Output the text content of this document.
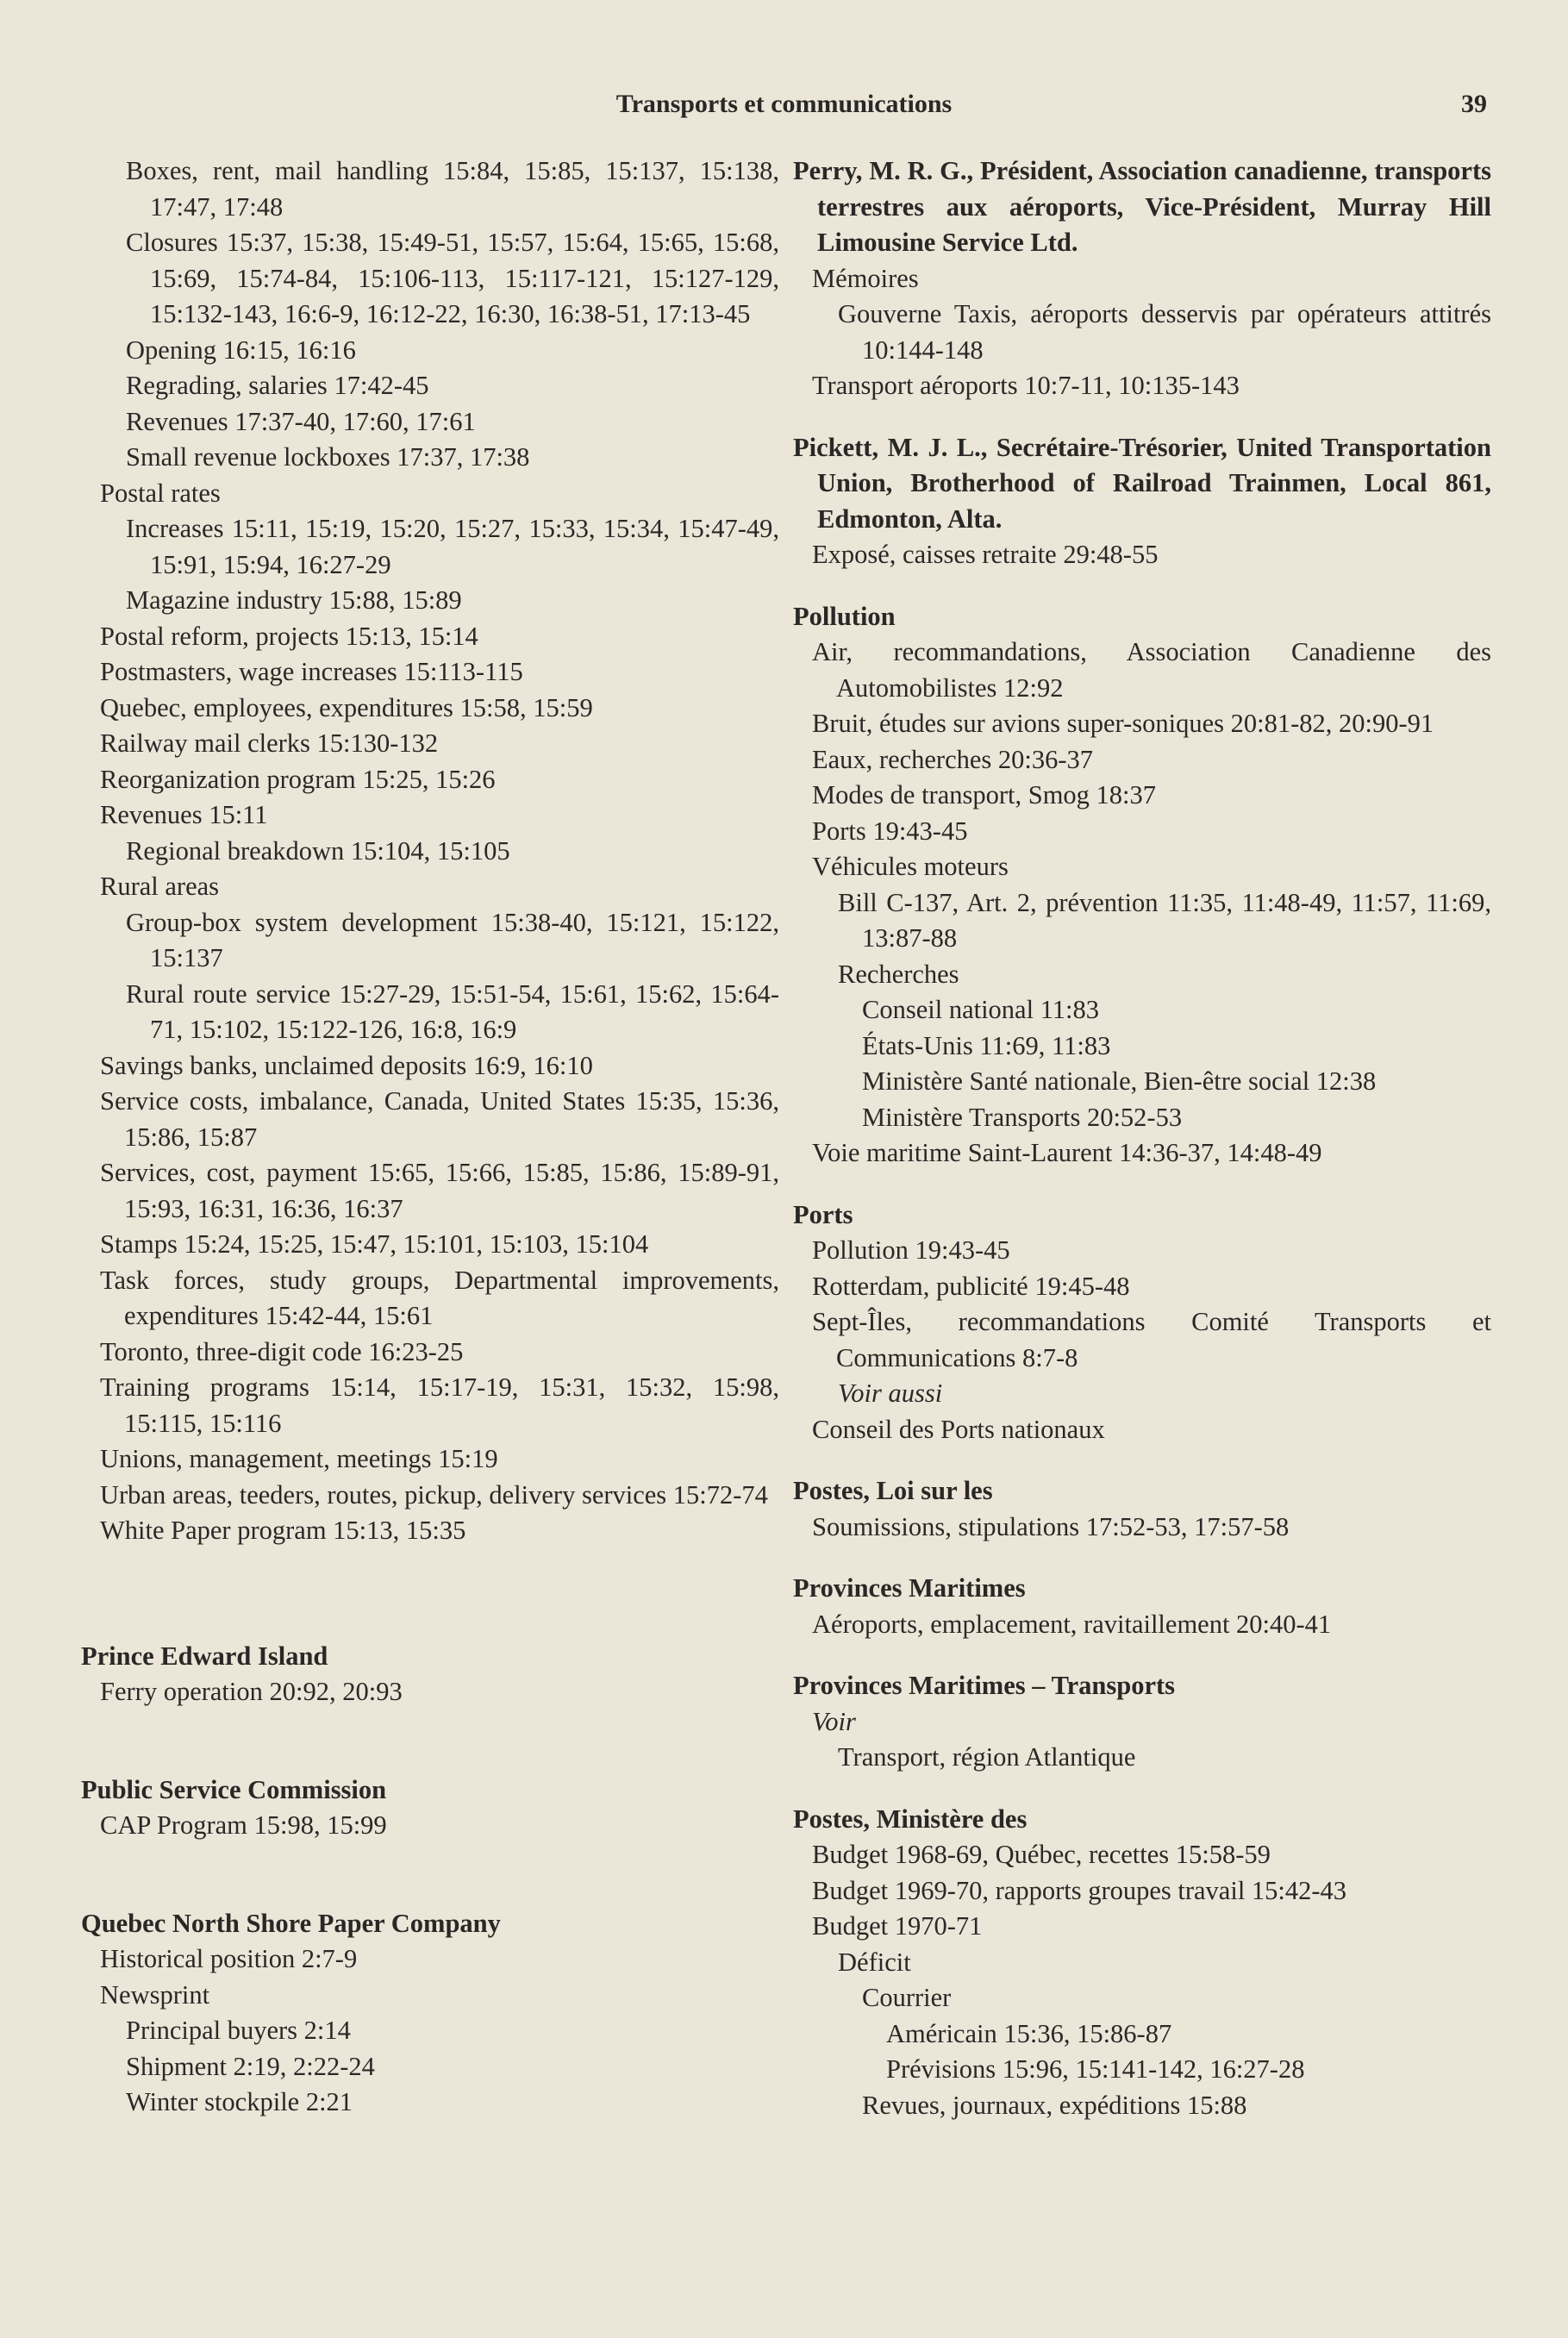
Transports et communications	39
Boxes, rent, mail handling 15:84, 15:85, 15:137, 15:138, 17:47, 17:48
Closures 15:37, 15:38, 15:49-51, 15:57, 15:64, 15:65, 15:68, 15:69, 15:74-84, 15:106-113, 15:117-121, 15:127-129, 15:132-143, 16:6-9, 16:12-22, 16:30, 16:38-51, 17:13-45
Opening 16:15, 16:16
Regrading, salaries 17:42-45
Revenues 17:37-40, 17:60, 17:61
Small revenue lockboxes 17:37, 17:38
Postal rates
Increases 15:11, 15:19, 15:20, 15:27, 15:33, 15:34, 15:47-49, 15:91, 15:94, 16:27-29
Magazine industry 15:88, 15:89
Postal reform, projects 15:13, 15:14
Postmasters, wage increases 15:113-115
Quebec, employees, expenditures 15:58, 15:59
Railway mail clerks 15:130-132
Reorganization program 15:25, 15:26
Revenues 15:11
Regional breakdown 15:104, 15:105
Rural areas
Group-box system development 15:38-40, 15:121, 15:122, 15:137
Rural route service 15:27-29, 15:51-54, 15:61, 15:62, 15:64-71, 15:102, 15:122-126, 16:8, 16:9
Savings banks, unclaimed deposits 16:9, 16:10
Service costs, imbalance, Canada, United States 15:35, 15:36, 15:86, 15:87
Services, cost, payment 15:65, 15:66, 15:85, 15:86, 15:89-91, 15:93, 16:31, 16:36, 16:37
Stamps 15:24, 15:25, 15:47, 15:101, 15:103, 15:104
Task forces, study groups, Departmental improvements, expenditures 15:42-44, 15:61
Toronto, three-digit code 16:23-25
Training programs 15:14, 15:17-19, 15:31, 15:32, 15:98, 15:115, 15:116
Unions, management, meetings 15:19
Urban areas, teeders, routes, pickup, delivery services 15:72-74
White Paper program 15:13, 15:35
Prince Edward Island
Ferry operation 20:92, 20:93
Public Service Commission
CAP Program 15:98, 15:99
Quebec North Shore Paper Company
Historical position 2:7-9
Newsprint
Principal buyers 2:14
Shipment 2:19, 2:22-24
Winter stockpile 2:21
Perry, M. R. G., Président, Association canadienne, transports terrestres aux aéroports, Vice-Président, Murray Hill Limousine Service Ltd.
Mémoires
Gouverne Taxis, aéroports desservis par opérateurs attitrés 10:144-148
Transport aéroports 10:7-11, 10:135-143
Pickett, M. J. L., Secrétaire-Trésorier, United Transportation Union, Brotherhood of Railroad Trainmen, Local 861, Edmonton, Alta.
Exposé, caisses retraite 29:48-55
Pollution
Air, recommandations, Association Canadienne des Automobilistes 12:92
Bruit, études sur avions super-soniques 20:81-82, 20:90-91
Eaux, recherches 20:36-37
Modes de transport, Smog 18:37
Ports 19:43-45
Véhicules moteurs
Bill C-137, Art. 2, prévention 11:35, 11:48-49, 11:57, 11:69, 13:87-88
Recherches
Conseil national 11:83
États-Unis 11:69, 11:83
Ministère Santé nationale, Bien-être social 12:38
Ministère Transports 20:52-53
Voie maritime Saint-Laurent 14:36-37, 14:48-49
Ports
Pollution 19:43-45
Rotterdam, publicité 19:45-48
Sept-Îles, recommandations Comité Transports et Communications 8:7-8
Voir aussi
Conseil des Ports nationaux
Postes, Loi sur les
Soumissions, stipulations 17:52-53, 17:57-58
Provinces Maritimes
Aéroports, emplacement, ravitaillement 20:40-41
Provinces Maritimes – Transports
Voir
Transport, région Atlantique
Postes, Ministère des
Budget 1968-69, Québec, recettes 15:58-59
Budget 1969-70, rapports groupes travail 15:42-43
Budget 1970-71
Déficit
Courrier
Américain 15:36, 15:86-87
Prévisions 15:96, 15:141-142, 16:27-28
Revues, journaux, expéditions 15:88
